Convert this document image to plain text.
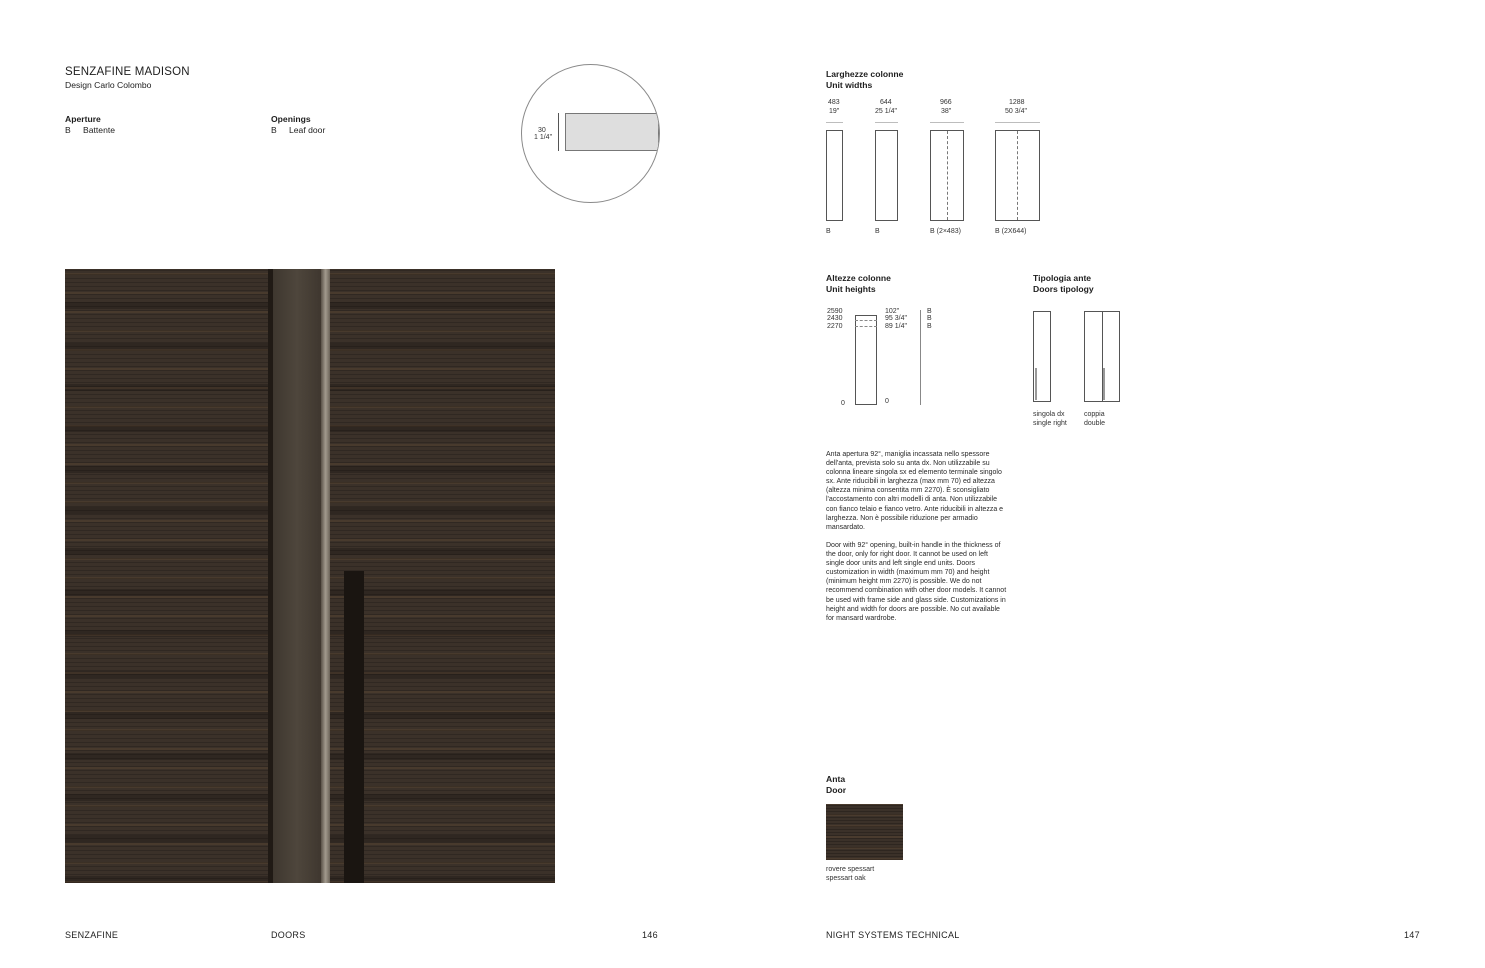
SENZAFINE MADISON
Design Carlo Colombo
Aperture
B Battente
Openings
B Leaf door	30
1 1/4"
Larghezze colonne
Unit widths
483
19"
B
644
25 1/4"
B
966
38"
B (2×483)
1288
50 3/4"
B (2X644)
Altezze colonne
Unit heights
2590
2430
2270
102"
95 3/4"
89 1/4"
B
B
B
0	0
Tipologia ante
Doors tipology
singola dx
single right
coppia
double
Anta apertura 92°, maniglia incassata nello spessore dell'anta, prevista solo su anta dx. Non utilizzabile su colonna lineare singola sx ed elemento terminale singolo sx. Ante riducibili in larghezza (max mm 70) ed altezza (altezza minima consentita mm 2270). È sconsigliato l'accostamento con altri modelli di anta. Non utilizzabile con fianco telaio e fianco vetro. Ante riducibili in altezza e larghezza. Non è possibile riduzione per armadio mansardato.
Door with 92° opening, built-in handle in the thickness of the door, only for right door. It cannot be used on left single door units and left single end units. Doors customization in width (maximum mm 70) and height (minimum height mm 2270) is possible. We do not recommend combination with other door models. It cannot be used with frame side and glass side. Customizations in height and width for doors are possible. No cut available for mansard wardrobe.
Anta
Door
rovere spessart
spessart oak
SENZAFINE	DOORS	146	NIGHT SYSTEMS TECHNICAL	147
